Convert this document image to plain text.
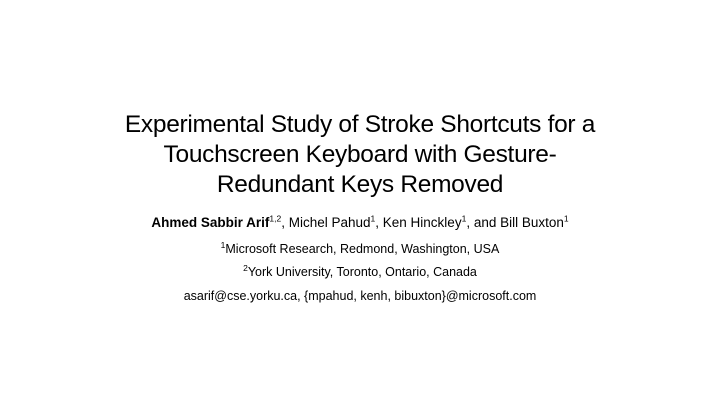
Experimental Study of Stroke Shortcuts for a
Touchscreen Keyboard with Gesture-
Redundant Keys Removed
Ahmed Sabbir Arif$^{1,2}$, Michel Pahud$^1$, Ken Hinckley$^1$, and Bill Buxton$^1$
$^1$Microsoft Research, Redmond, Washington, USA
$^2$York University, Toronto, Ontario, Canada
asarif@cse.yorku.ca, {mpahud, kenh, bibuxton}@microsoft.com
